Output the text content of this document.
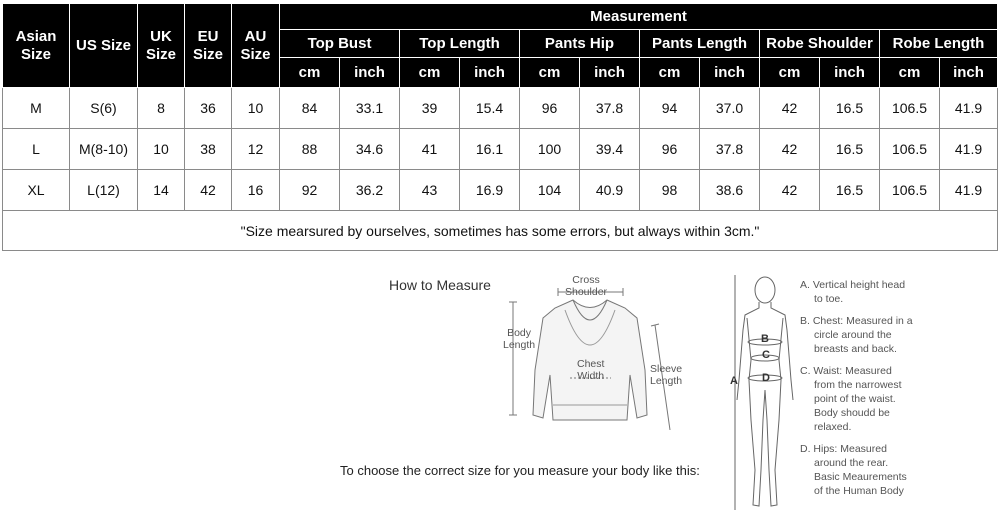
Asian Size	US Size	UK Size	EU Size	AU Size	Measurement											
					Top Bust		Top Length		Pants Hip		Pants Length		Robe Shoulder		Robe Length	
					cm	inch	cm	inch	cm	inch	cm	inch	cm	inch	cm	inch
M	S(6)	8	36	10	84	33.1	39	15.4	96	37.8	94	37.0	42	16.5	106.5	41.9
L	M(8-10)	10	38	12	88	34.6	41	16.1	100	39.4	96	37.8	42	16.5	106.5	41.9
XL	L(12)	14	42	16	92	36.2	43	16.9	104	40.9	98	38.6	42	16.5	106.5	41.9
"Size mearsured by ourselves, sometimes has some errors, but always within 3cm."																
How to Measure	Cross
Shoulder
Body
Length
Chest
Width
Sleeve
Length	A
B
C
D
A. Vertical height head
to toe.
B. Chest: Measured in a
circle around the
breasts and back.
C. Waist: Measured
from the narrowest
point of the waist.
Body shoudd be
relaxed.
D. Hips: Measured
around the rear.
Basic Meaurements
of the Human Body
To choose the correct size for you measure your body like this:
